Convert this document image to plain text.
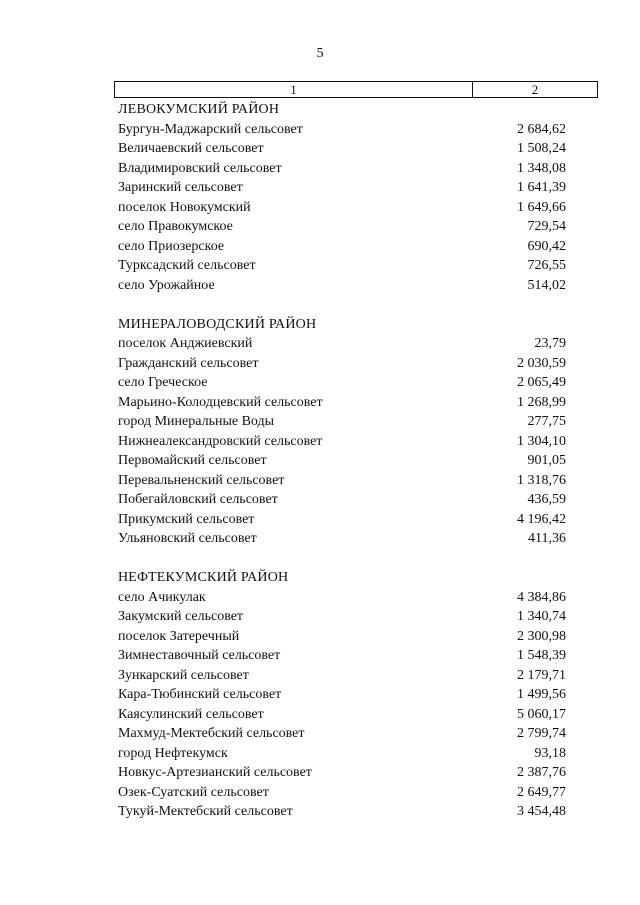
5
1	2
ЛЕВОКУМСКИЙ РАЙОН
Бургун-Маджарский сельсовет	2 684,62
Величаевский сельсовет	1 508,24
Владимировский сельсовет	1 348,08
Заринский сельсовет	1 641,39
поселок Новокумский	1 649,66
село Правокумское	729,54
село Приозерское	690,42
Турксадский сельсовет	726,55
село Урожайное	514,02
МИНЕРАЛОВОДСКИЙ РАЙОН
поселок Анджиевский	23,79
Гражданский сельсовет	2 030,59
село Греческое	2 065,49
Марьино-Колодцевский сельсовет	1 268,99
город Минеральные Воды	277,75
Нижнеалександровский сельсовет	1 304,10
Первомайский сельсовет	901,05
Перевальненский сельсовет	1 318,76
Побегайловский сельсовет	436,59
Прикумский сельсовет	4 196,42
Ульяновский сельсовет	411,36
НЕФТЕКУМСКИЙ РАЙОН
село Ачикулак	4 384,86
Закумский сельсовет	1 340,74
поселок Затеречный	2 300,98
Зимнеставочный сельсовет	1 548,39
Зункарский сельсовет	2 179,71
Кара-Тюбинский сельсовет	1 499,56
Каясулинский сельсовет	5 060,17
Махмуд-Мектебский сельсовет	2 799,74
город Нефтекумск	93,18
Новкус-Артезианский сельсовет	2 387,76
Озек-Суатский сельсовет	2 649,77
Тукуй-Мектебский сельсовет	3 454,48
